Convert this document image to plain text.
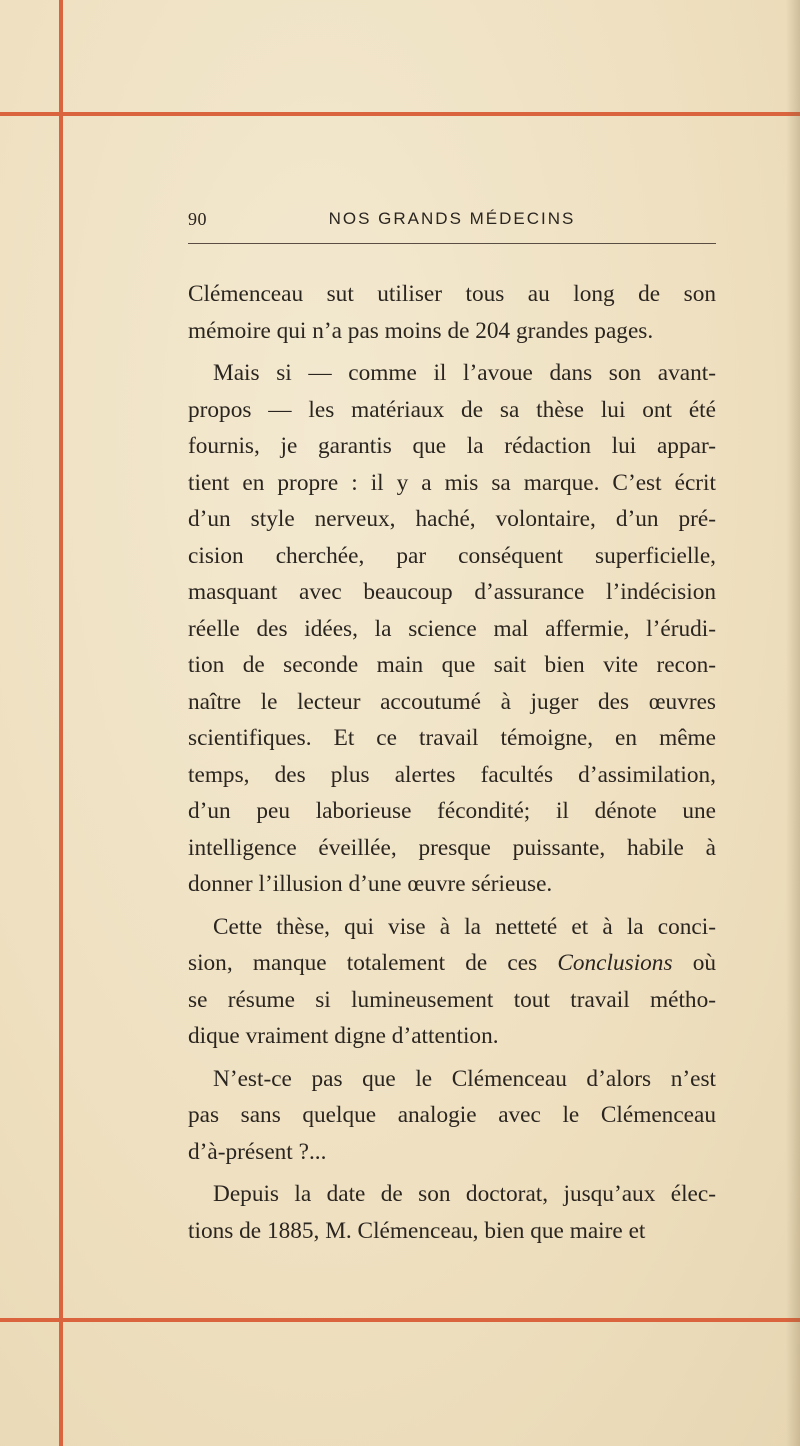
90	NOS GRANDS MÉDECINS
Clémenceau sut utiliser tous au long de son
mémoire qui n’a pas moins de 204 grandes pages.
Mais si — comme il l’avoue dans son avant-
propos — les matériaux de sa thèse lui ont été
fournis, je garantis que la rédaction lui appar-
tient en propre : il y a mis sa marque. C’est écrit
d’un style nerveux, haché, volontaire, d’un pré-
cision cherchée, par conséquent superficielle,
masquant avec beaucoup d’assurance l’indécision
réelle des idées, la science mal affermie, l’érudi-
tion de seconde main que sait bien vite recon-
naître le lecteur accoutumé à juger des œuvres
scientifiques. Et ce travail témoigne, en même
temps, des plus alertes facultés d’assimilation,
d’un peu laborieuse fécondité; il dénote une
intelligence éveillée, presque puissante, habile à
donner l’illusion d’une œuvre sérieuse.
Cette thèse, qui vise à la netteté et à la conci-
sion, manque totalement de ces Conclusions où
se résume si lumineusement tout travail métho-
dique vraiment digne d’attention.
N’est-ce pas que le Clémenceau d’alors n’est
pas sans quelque analogie avec le Clémenceau
d’à-présent ?...
Depuis la date de son doctorat, jusqu’aux élec-
tions de 1885, M. Clémenceau, bien que maire et
